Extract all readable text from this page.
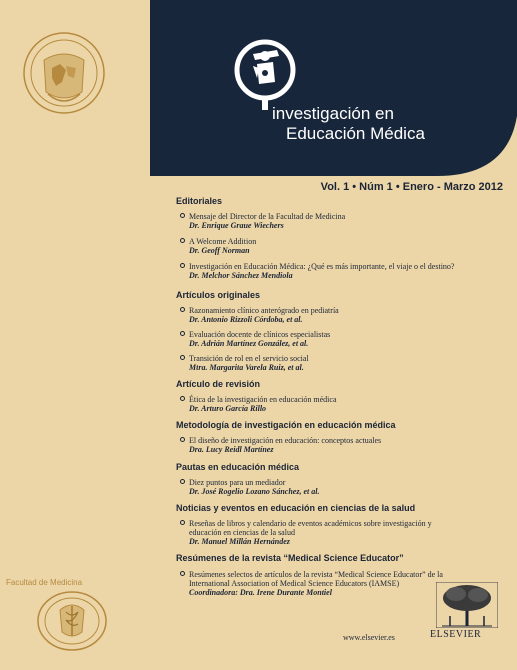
Facultad de Medicina
investigación en
Educación Médica
Vol. 1 • Núm 1 • Enero - Marzo 2012
Editoriales
Mensaje del Director de la Facultad de Medicina
Dr. Enrique Graue Wiechers
A Welcome Addition
Dr. Geoff Norman
Investigación en Educación Médica: ¿Qué es más importante, el viaje o el destino?
Dr. Melchor Sánchez Mendiola
Artículos originales
Razonamiento clínico anterógrado en pediatría
Dr. Antonio Rizzoli Córdoba, et al.
Evaluación docente de clínicos especialistas
Dr. Adrián Martínez González, et al.
Transición de rol en el servicio social
Mtra. Margarita Varela Ruiz, et al.
Artículo de revisión
Ética de la investigación en educación médica
Dr. Arturo García Rillo
Metodología de investigación en educación médica
El diseño de investigación en educación: conceptos actuales
Dra. Lucy Reidl Martínez
Pautas en educación médica
Diez puntos para un mediador
Dr. José Rogelio Lozano Sánchez, et al.
Noticias y eventos en educación en ciencias de la salud
Reseñas de libros y calendario de eventos académicos sobre investigación y
educación en ciencias de la salud
Dr. Manuel Millán Hernández
Resúmenes de la revista “Medical Science Educator”
Resúmenes selectos de artículos de la revista “Medical Science Educator” de la
International Association of Medical Science Educators (IAMSE)
Coordinadora: Dra. Irene Durante Montiel
www.elsevier.es	ELSEVIER
